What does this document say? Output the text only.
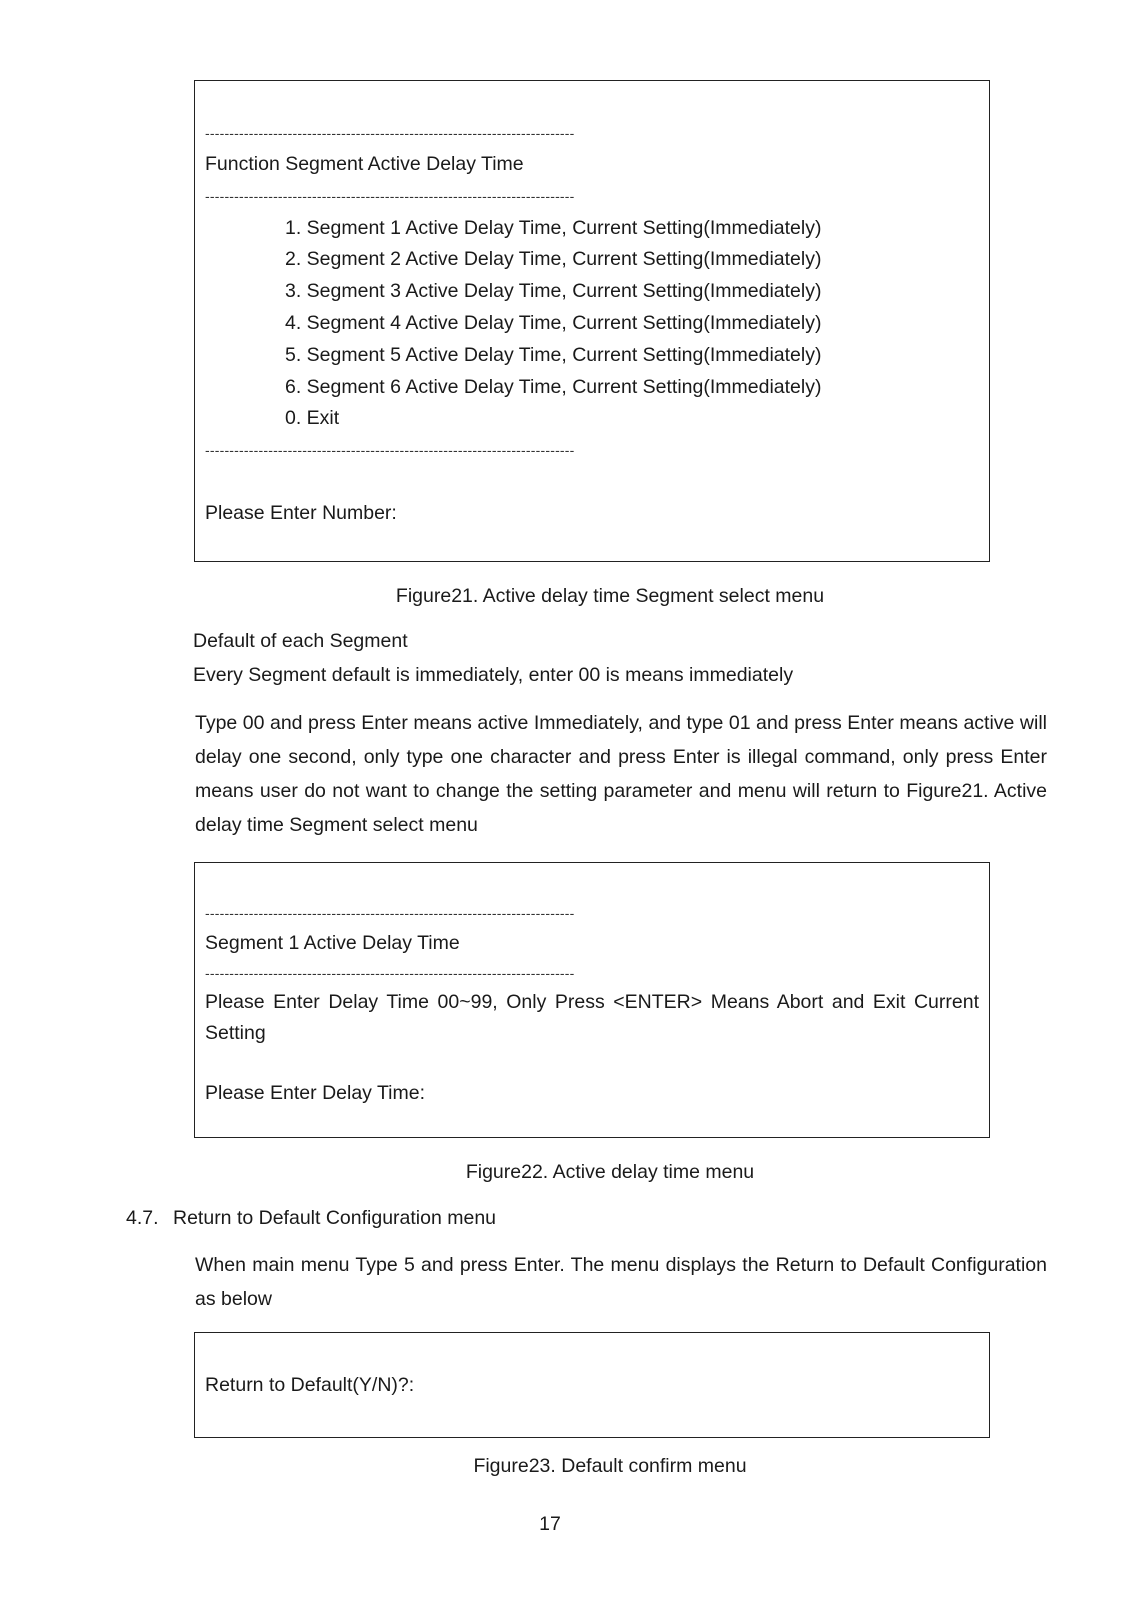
----------------------------------------------------------------------------
Function Segment Active Delay Time
----------------------------------------------------------------------------
1. Segment 1 Active Delay Time, Current Setting(Immediately)
2. Segment 2 Active Delay Time, Current Setting(Immediately)
3. Segment 3 Active Delay Time, Current Setting(Immediately)
4. Segment 4 Active Delay Time, Current Setting(Immediately)
5. Segment 5 Active Delay Time, Current Setting(Immediately)
6. Segment 6 Active Delay Time, Current Setting(Immediately)
0. Exit
----------------------------------------------------------------------------
Please Enter Number:
Figure21. Active delay time Segment select menu
Default of each Segment
Every Segment default is immediately, enter 00 is means immediately

Type 00 and press Enter means active Immediately, and type 01 and press Enter means active will delay one second, only type one character and press Enter is illegal command, only press Enter means user do not want to change the setting parameter and menu will return to Figure21. Active delay time Segment select menu

----------------------------------------------------------------------------
Segment 1 Active Delay Time
----------------------------------------------------------------------------
Please Enter Delay Time 00~99, Only Press <ENTER> Means Abort and Exit Current Setting
Please Enter Delay Time:
Figure22. Active delay time menu
4.7. Return to Default Configuration menu

When main menu Type 5 and press Enter. The menu displays the Return to Default Configuration as below

Return to Default(Y/N)?:
Figure23. Default confirm menu
17
